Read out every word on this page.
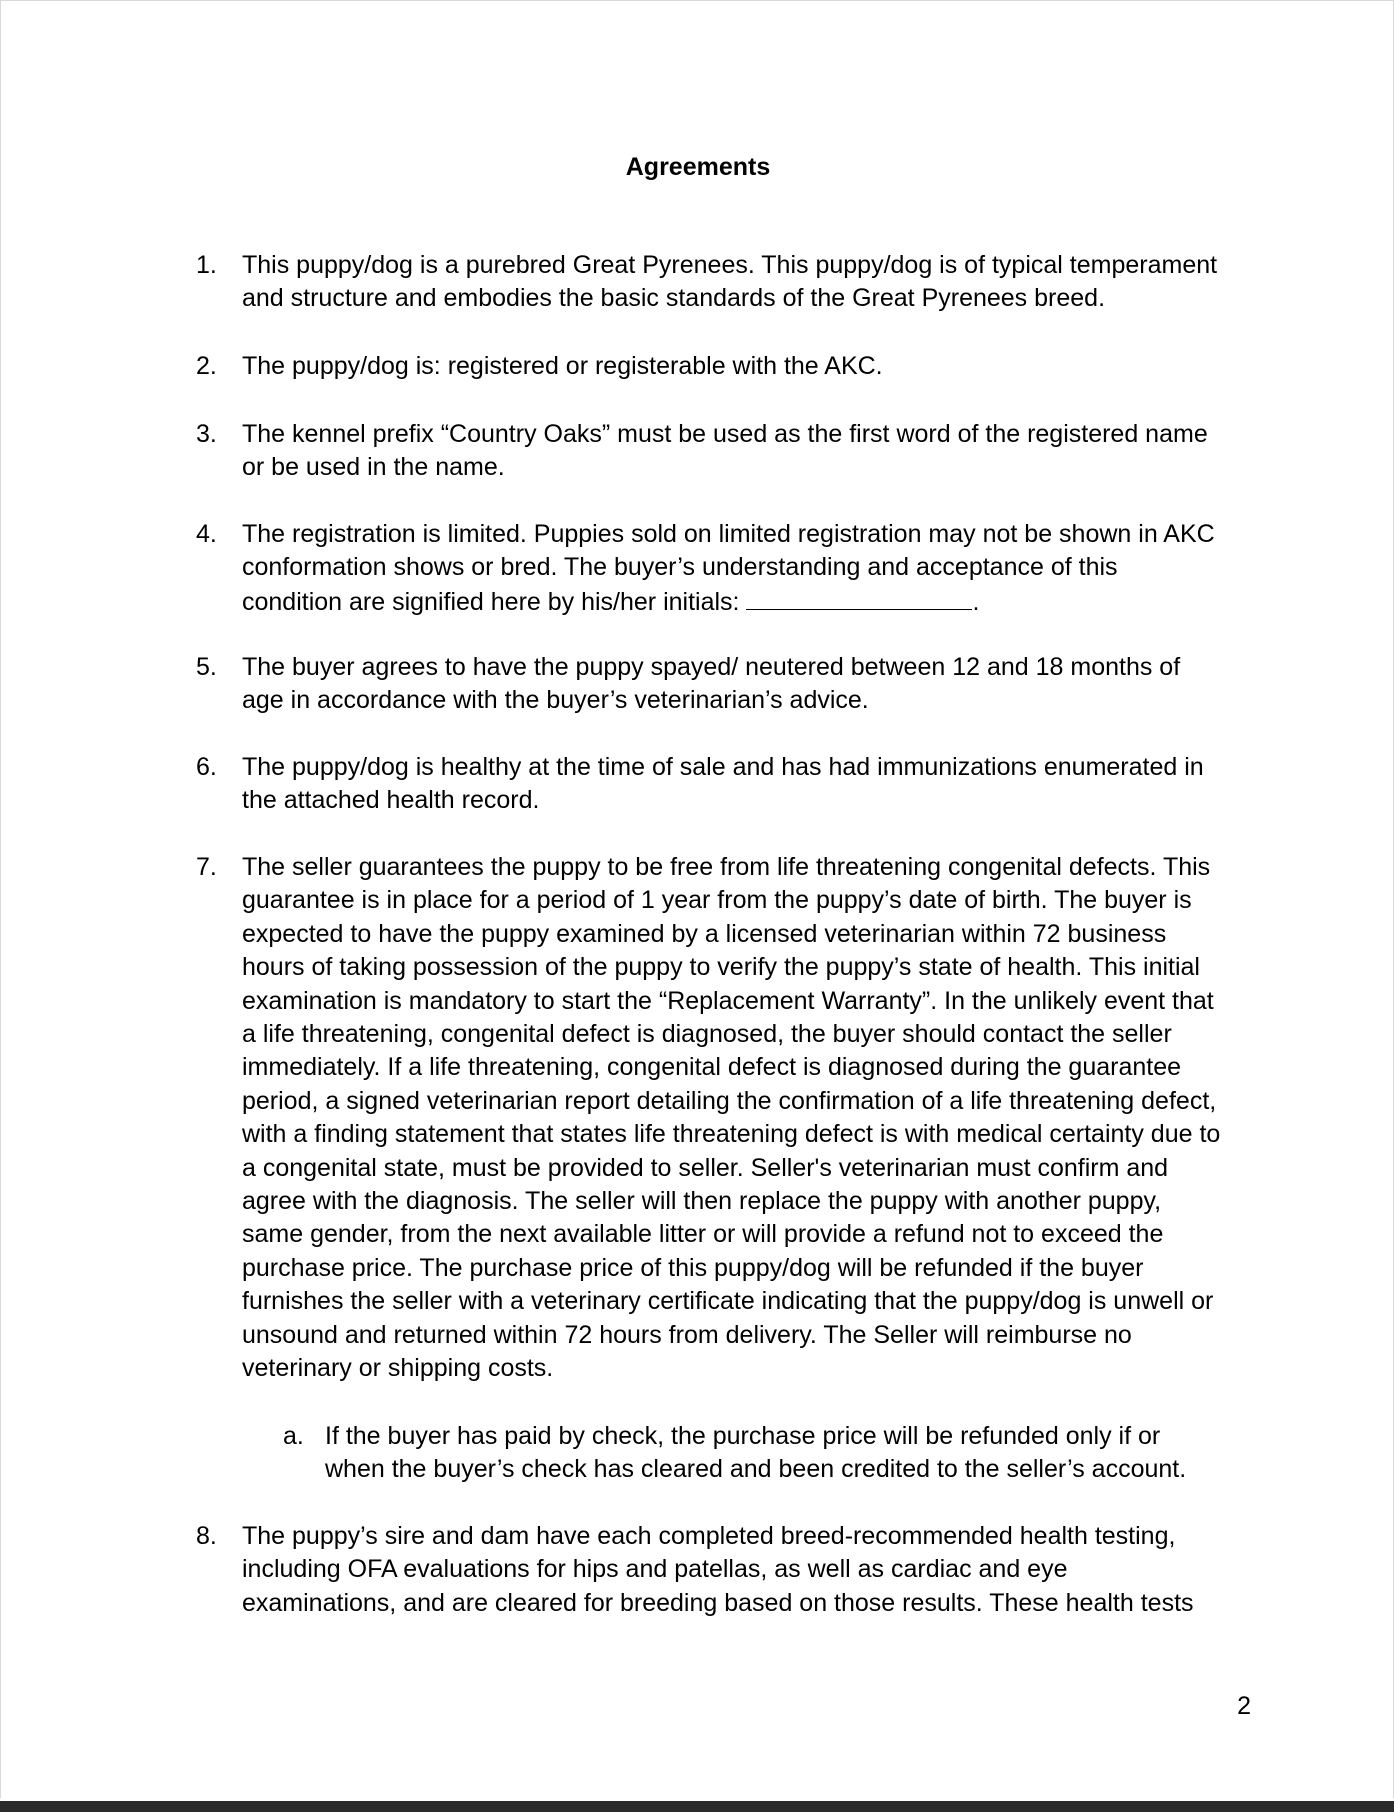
Agreements
1.	This puppy/dog is a purebred Great Pyrenees. This puppy/dog is of typical temperament
and structure and embodies the basic standards of the Great Pyrenees breed.
2.	The puppy/dog is: registered or registerable with the AKC.
3.	The kennel prefix “Country Oaks” must be used as the first word of the registered name
or be used in the name.
4.	The registration is limited. Puppies sold on limited registration may not be shown in AKC
conformation shows or bred. The buyer’s understanding and acceptance of this
condition are signified here by his/her initials:	.
5.	The buyer agrees to have the puppy spayed/ neutered between 12 and 18 months of
age in accordance with the buyer’s veterinarian’s advice.
6.	The puppy/dog is healthy at the time of sale and has had immunizations enumerated in
the attached health record.
7.	The seller guarantees the puppy to be free from life threatening congenital defects. This
guarantee is in place for a period of 1 year from the puppy’s date of birth. The buyer is
expected to have the puppy examined by a licensed veterinarian within 72 business
hours of taking possession of the puppy to verify the puppy’s state of health. This initial
examination is mandatory to start the “Replacement Warranty”. In the unlikely event that
a life threatening, congenital defect is diagnosed, the buyer should contact the seller
immediately. If a life threatening, congenital defect is diagnosed during the guarantee
period, a signed veterinarian report detailing the confirmation of a life threatening defect,
with a finding statement that states life threatening defect is with medical certainty due to
a congenital state, must be provided to seller. Seller's veterinarian must confirm and
agree with the diagnosis. The seller will then replace the puppy with another puppy,
same gender, from the next available litter or will provide a refund not to exceed the
purchase price. The purchase price of this puppy/dog will be refunded if the buyer
furnishes the seller with a veterinary certificate indicating that the puppy/dog is unwell or
unsound and returned within 72 hours from delivery. The Seller will reimburse no
veterinary or shipping costs.
a. If the buyer has paid by check, the purchase price will be refunded only if or
when the buyer’s check has cleared and been credited to the seller’s account.
8.	The puppy’s sire and dam have each completed breed-recommended health testing,
including OFA evaluations for hips and patellas, as well as cardiac and eye
examinations, and are cleared for breeding based on those results. These health tests
2
